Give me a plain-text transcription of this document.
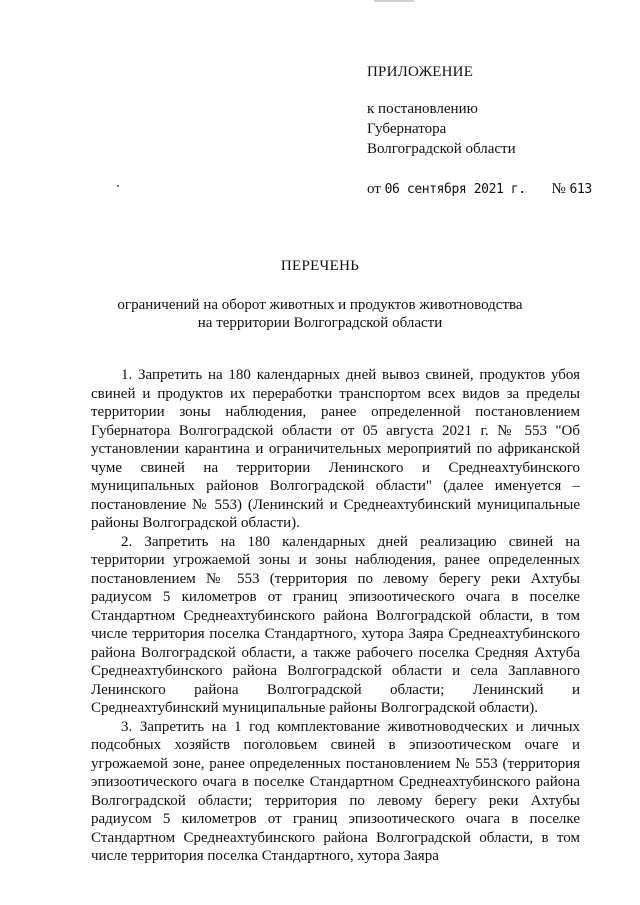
ПРИЛОЖЕНИЕ
к постановлению
Губернатора
Волгоградской области
от 06 сентября 2021 г. № 613
ПЕРЕЧЕНЬ
ограничений на оборот животных и продуктов животноводства
на территории Волгоградской области

1. Запретить на 180 календарных дней вывоз свиней, продуктов убоя свиней и продуктов их переработки транспортом всех видов за пределы территории зоны наблюдения, ранее определенной постановлением Губернатора Волгоградской области от 05 августа 2021 г. № 553 "Об установлении карантина и ограничительных мероприятий по африканской чуме свиней на территории Ленинского и Среднеахтубинского муниципальных районов Волгоградской области" (далее именуется – постановление № 553) (Ленинский и Среднеахтубинский муниципальные районы Волгоградской области).

2. Запретить на 180 календарных дней реализацию свиней на территории угрожаемой зоны и зоны наблюдения, ранее определенных постановлением № 553 (территория по левому берегу реки Ахтубы радиусом 5 километров от границ эпизоотического очага в поселке Стандартном Среднеахтубинского района Волгоградской области, в том числе территория поселка Стандартного, хутора Заяра Среднеахтубинского района Волгоградской области, а также рабочего поселка Средняя Ахтуба Среднеахтубинского района Волгоградской области и села Заплавного Ленинского района Волгоградской области; Ленинский и Среднеахтубинский муниципальные районы Волгоградской области).

3. Запретить на 1 год комплектование животноводческих и личных подсобных хозяйств поголовьем свиней в эпизоотическом очаге и угрожаемой зоне, ранее определенных постановлением № 553 (территория эпизоотического очага в поселке Стандартном Среднеахтубинского района Волгоградской области; территория по левому берегу реки Ахтубы радиусом 5 километров от границ эпизоотического очага в поселке Стандартном Среднеахтубинского района Волгоградской области, в том числе территория поселка Стандартного, хутора Заяра
